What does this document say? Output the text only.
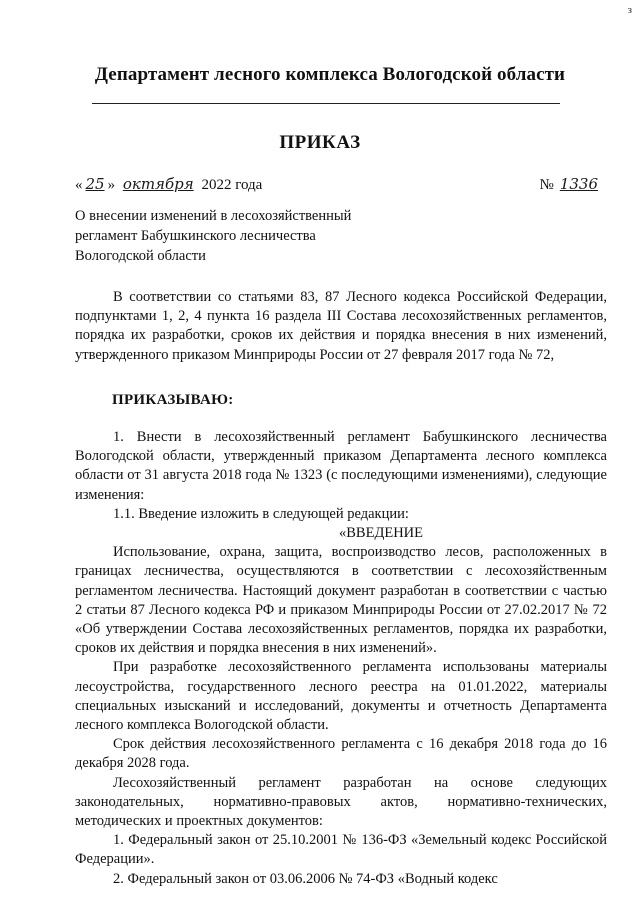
з
Департамент лесного комплекса Вологодской области
ПРИКАЗ
« 25 » октября 2022 года	№ 1336
О внесении изменений в лесохозяйственный
регламент Бабушкинского лесничества
Вологодской области
В соответствии со статьями 83, 87 Лесного кодекса Российской Федерации, подпунктами 1, 2, 4 пункта 16 раздела III Состава лесохозяйственных регламентов, порядка их разработки, сроков их действия и порядка внесения в них изменений, утвержденного приказом Минприроды России от 27 февраля 2017 года № 72,
ПРИКАЗЫВАЮ:

1. Внести в лесохозяйственный регламент Бабушкинского лесничества Вологодской области, утвержденный приказом Департамента лесного комплекса области от 31 августа 2018 года № 1323 (с последующими изменениями), следующие изменения:

1.1. Введение изложить в следующей редакции:

«ВВЕДЕНИЕ

Использование, охрана, защита, воспроизводство лесов, расположенных в границах лесничества, осуществляются в соответствии с лесохозяйственным регламентом лесничества. Настоящий документ разработан в соответствии с частью 2 статьи 87 Лесного кодекса РФ и приказом Минприроды России от 27.02.2017 № 72 «Об утверждении Состава лесохозяйственных регламентов, порядка их разработки, сроков их действия и порядка внесения в них изменений».

При разработке лесохозяйственного регламента использованы материалы лесоустройства, государственного лесного реестра на 01.01.2022, материалы специальных изысканий и исследований, документы и отчетность Департамента лесного комплекса Вологодской области.

Срок действия лесохозяйственного регламента с 16 декабря 2018 года до 16 декабря 2028 года.

Лесохозяйственный регламент разработан на основе следующих законодательных, нормативно-правовых актов, нормативно-технических, методических и проектных документов:

1. Федеральный закон от 25.10.2001 № 136-ФЗ «Земельный кодекс Российской Федерации».

2. Федеральный закон от 03.06.2006 № 74-ФЗ «Водный кодекс
